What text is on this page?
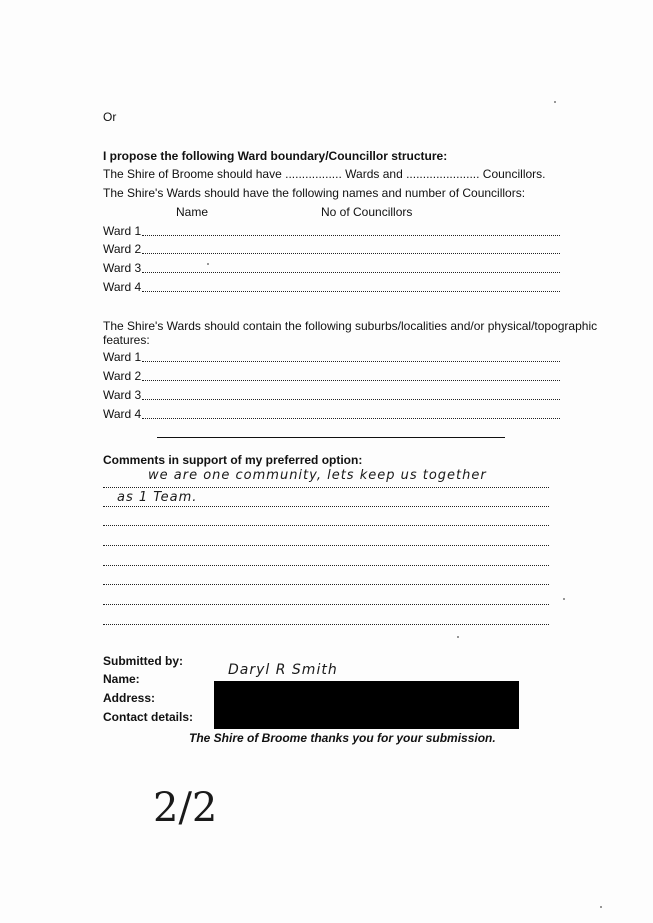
Or
I propose the following Ward boundary/Councillor structure:
The Shire of Broome should have ................. Wards and ...................... Councillors.
The Shire's Wards should have the following names and number of Councillors:
Name	No of Councillors
Ward 1
Ward 2
Ward 3
Ward 4
The Shire's Wards should contain the following suburbs/localities and/or physical/topographic
features:
Ward 1
Ward 2
Ward 3
Ward 4
Comments in support of my preferred option:
we are one community, lets keep us together
as 1 Team.
Submitted by:
Name:
Address:
Contact details:
Daryl R Smith
The Shire of Broome thanks you for your submission.
2/2
